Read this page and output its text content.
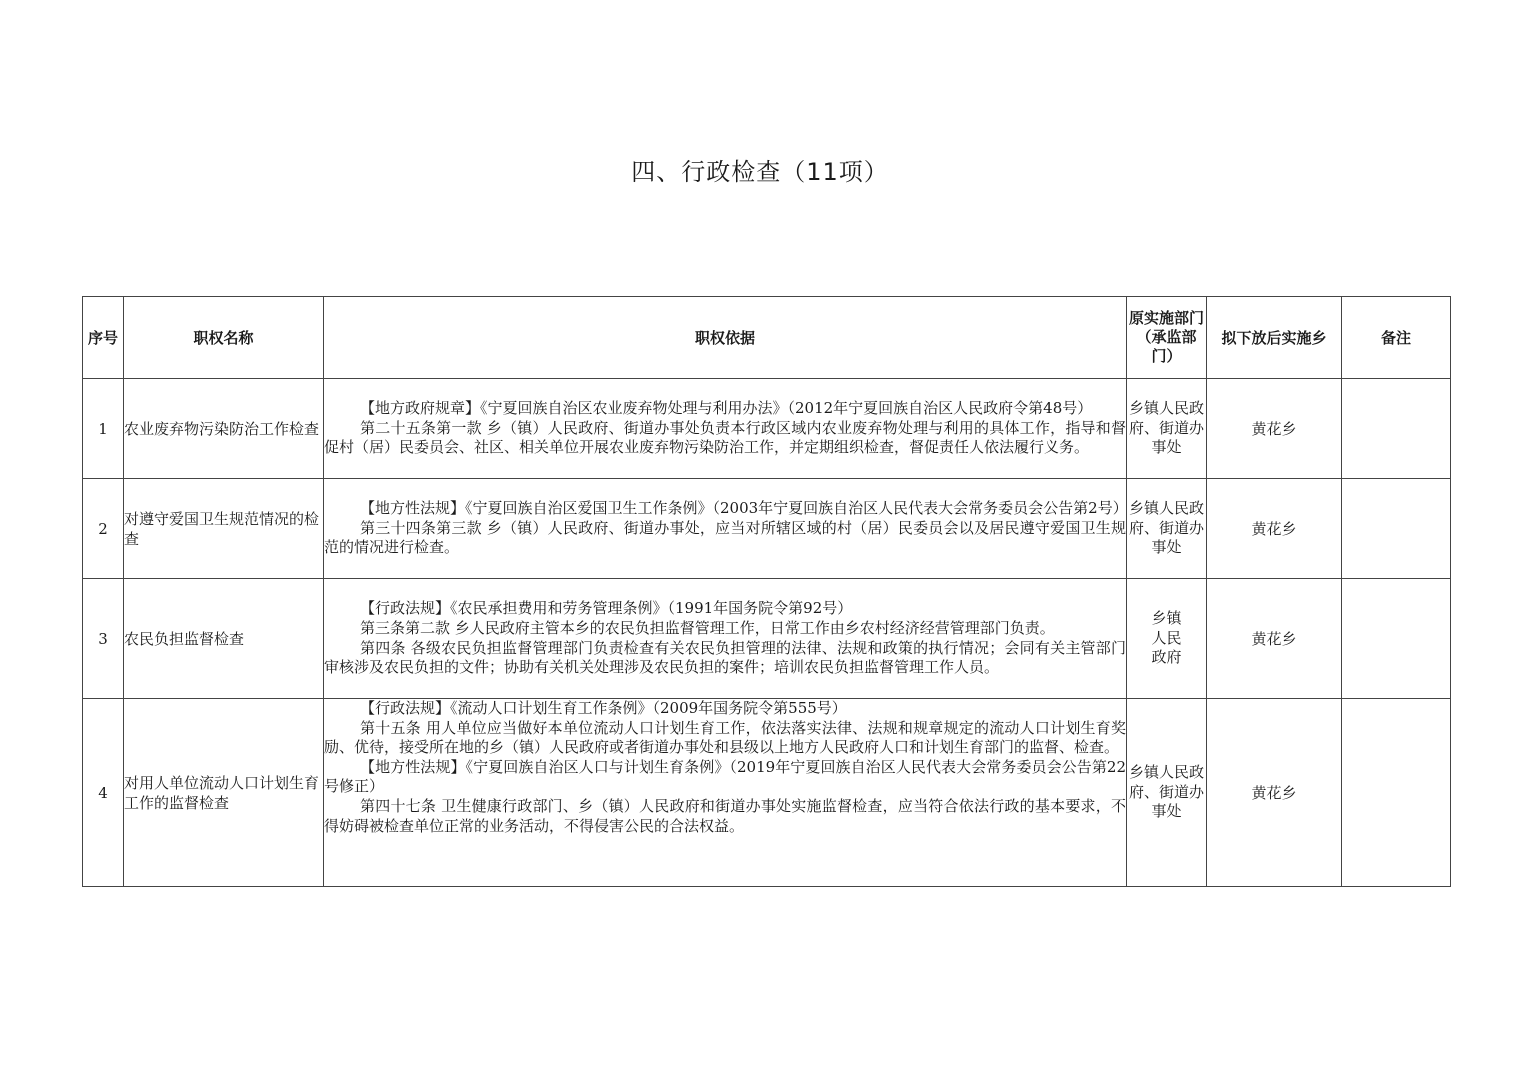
四、行政检查（11项）
序号	职权名称	职权依据	原实施部门（承监部门）	拟下放后实施乡	备注
1	农业废弃物污染防治工作检查	【地方政府规章】《宁夏回族自治区农业废弃物处理与利用办法》（2012年宁夏回族自治区人民政府令第48号）

第二十五条第一款 乡（镇）人民政府、街道办事处负责本行政区域内农业废弃物处理与利用的具体工作，指导和督促村（居）民委员会、社区、相关单位开展农业废弃物污染防治工作，并定期组织检查，督促责任人依法履行义务。	乡镇人民政府、街道办事处	黄花乡	
2	对遵守爱国卫生规范情况的检查	【地方性法规】《宁夏回族自治区爱国卫生工作条例》（2003年宁夏回族自治区人民代表大会常务委员会公告第2号）

第三十四条第三款 乡（镇）人民政府、街道办事处，应当对所辖区域的村（居）民委员会以及居民遵守爱国卫生规范的情况进行检查。	乡镇人民政府、街道办事处	黄花乡	
3	农民负担监督检查	【行政法规】《农民承担费用和劳务管理条例》（1991年国务院令第92号）

第三条第二款 乡人民政府主管本乡的农民负担监督管理工作，日常工作由乡农村经济经营管理部门负责。

第四条 各级农民负担监督管理部门负责检查有关农民负担管理的法律、法规和政策的执行情况；会同有关主管部门审核涉及农民负担的文件；协助有关机关处理涉及农民负担的案件；培训农民负担监督管理工作人员。	乡镇人民政府	黄花乡	
4	对用人单位流动人口计划生育工作的监督检查	【行政法规】《流动人口计划生育工作条例》（2009年国务院令第555号）

第十五条 用人单位应当做好本单位流动人口计划生育工作，依法落实法律、法规和规章规定的流动人口计划生育奖励、优待，接受所在地的乡（镇）人民政府或者街道办事处和县级以上地方人民政府人口和计划生育部门的监督、检查。

【地方性法规】《宁夏回族自治区人口与计划生育条例》（2019年宁夏回族自治区人民代表大会常务委员会公告第22号修正）

第四十七条 卫生健康行政部门、乡（镇）人民政府和街道办事处实施监督检查，应当符合依法行政的基本要求，不得妨碍被检查单位正常的业务活动，不得侵害公民的合法权益。	乡镇人民政府、街道办事处	黄花乡	
